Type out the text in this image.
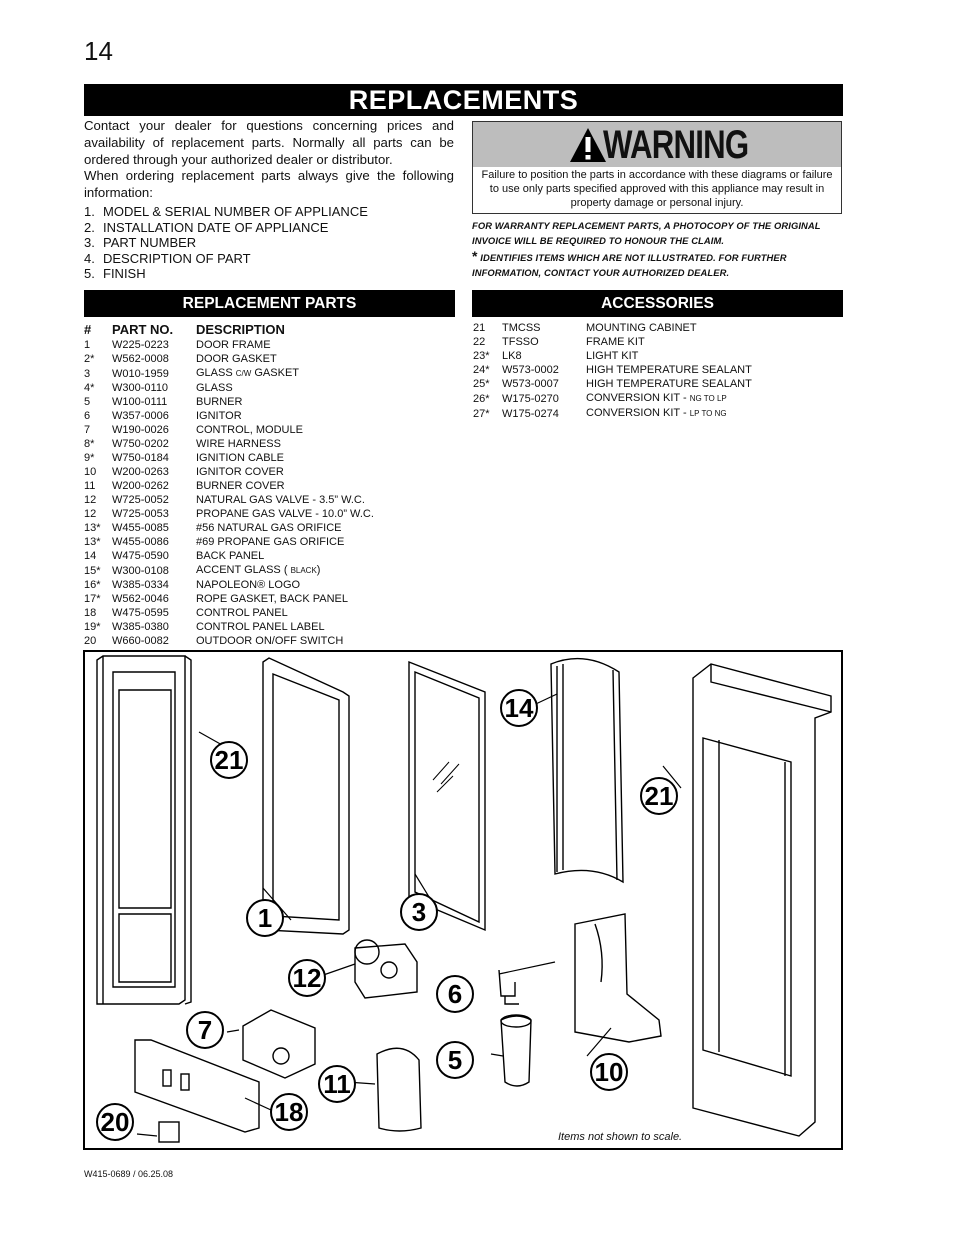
14
REPLACEMENTS

Contact your dealer for questions concerning prices and availability of replacement parts. Normally all parts can be ordered through your authorized dealer or distributor.

When ordering replacement parts always give the following information:

1. MODEL & SERIAL NUMBER OF APPLIANCE
2. INSTALLATION DATE OF APPLIANCE
3. PART NUMBER
4. DESCRIPTION OF PART
5. FINISH
WARNING
Failure to position the parts in accordance with these diagrams or failure to use only parts specified approved with this appliance may result in property damage or personal injury.

FOR WARRANTY REPLACEMENT PARTS, A PHOTOCOPY OF THE ORIGINAL INVOICE WILL BE REQUIRED TO HONOUR THE CLAIM.

* IDENTIFIES ITEMS WHICH ARE NOT ILLUSTRATED. FOR FURTHER INFORMATION, CONTACT YOUR AUTHORIZED DEALER.

REPLACEMENT PARTS	ACCESSORIES
#	PART NO.	DESCRIPTION
1	W225-0223	DOOR FRAME
2*	W562-0008	DOOR GASKET
3	W010-1959	GLASS C/W GASKET
4*	W300-0110	GLASS
5	W100-0111	BURNER
6	W357-0006	IGNITOR
7	W190-0026	CONTROL, MODULE
8*	W750-0202	WIRE HARNESS
9*	W750-0184	IGNITION CABLE
10	W200-0263	IGNITOR COVER
11	W200-0262	BURNER COVER
12	W725-0052	NATURAL GAS VALVE - 3.5” W.C.
12	W725-0053	PROPANE GAS VALVE - 10.0” W.C.
13*	W455-0085	#56 NATURAL GAS ORIFICE
13*	W455-0086	#69 PROPANE GAS ORIFICE
14	W475-0590	BACK PANEL
15*	W300-0108	ACCENT GLASS ( BLACK)
16*	W385-0334	NAPOLEON® LOGO
17*	W562-0046	ROPE GASKET, BACK PANEL
18	W475-0595	CONTROL PANEL
19*	W385-0380	CONTROL PANEL LABEL
20	W660-0082	OUTDOOR ON/OFF SWITCH
21	TMCSS	MOUNTING CABINET
22	TFSSO	FRAME KIT
23*	LK8	LIGHT KIT
24*	W573-0002	HIGH TEMPERATURE SEALANT
25*	W573-0007	HIGH TEMPERATURE SEALANT
26*	W175-0270	CONVERSION KIT - NG TO LP
27*	W175-0274	CONVERSION KIT - LP TO NG
21
1	3
14
21
12
6
7
5	10
11
18
20	Items not shown to scale.
W415-0689 / 06.25.08
